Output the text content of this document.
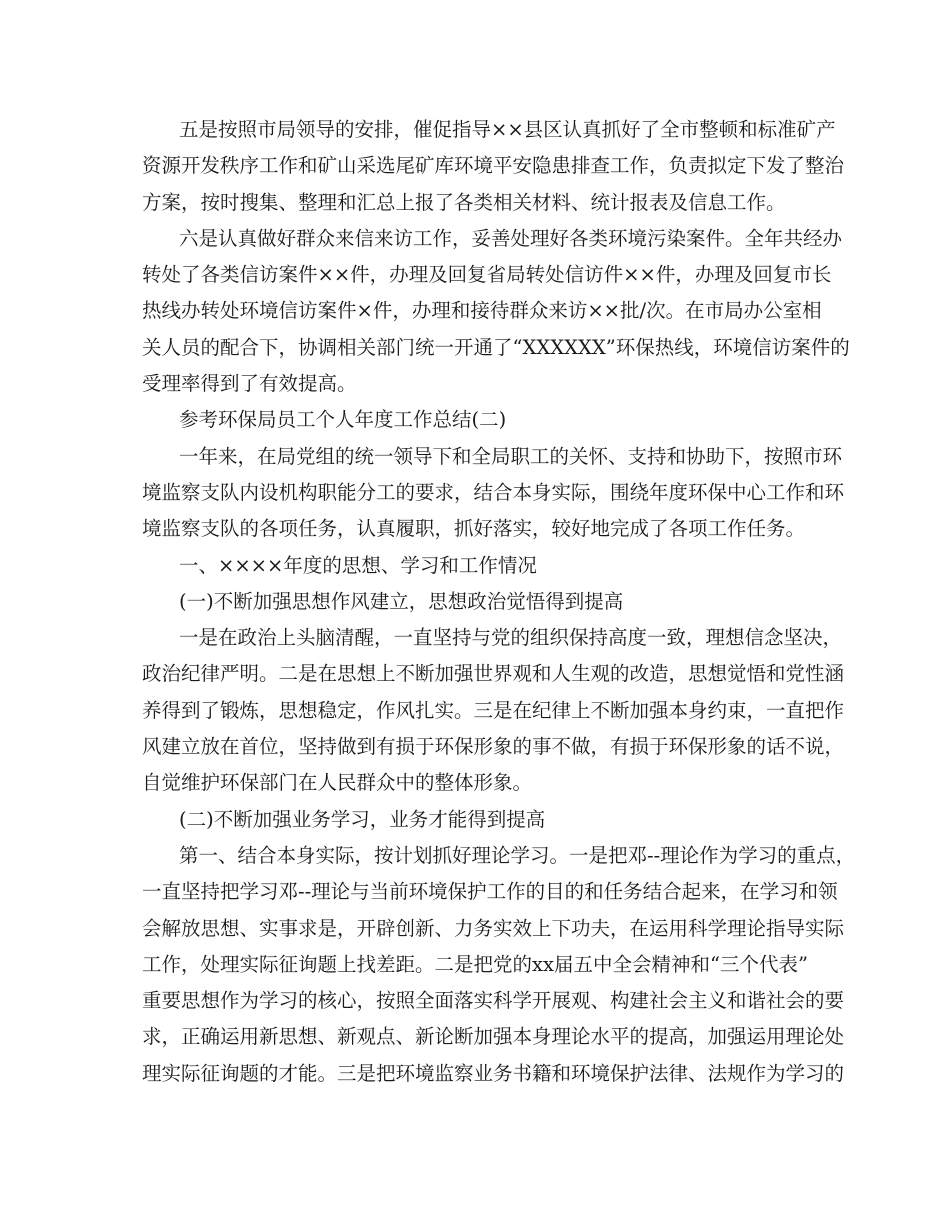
五是按照市局领导的安排，催促指导××县区认真抓好了全市整顿和标准矿产
资源开发秩序工作和矿山采选尾矿库环境平安隐患排查工作，负责拟定下发了整治
方案，按时搜集、整理和汇总上报了各类相关材料、统计报表及信息工作。
六是认真做好群众来信来访工作，妥善处理好各类环境污染案件。全年共经办
转处了各类信访案件××件，办理及回复省局转处信访件××件，办理及回复市长
热线办转处环境信访案件×件，办理和接待群众来访××批/次。在市局办公室相
关人员的配合下，协调相关部门统一开通了“XXXXXX”环保热线，环境信访案件的
受理率得到了有效提高。
参考环保局员工个人年度工作总结(二)
一年来，在局党组的统一领导下和全局职工的关怀、支持和协助下，按照市环
境监察支队内设机构职能分工的要求，结合本身实际，围绕年度环保中心工作和环
境监察支队的各项任务，认真履职，抓好落实，较好地完成了各项工作任务。
一、××××年度的思想、学习和工作情况
(一)不断加强思想作风建立，思想政治觉悟得到提高
一是在政治上头脑清醒，一直坚持与党的组织保持高度一致，理想信念坚决，
政治纪律严明。二是在思想上不断加强世界观和人生观的改造，思想觉悟和党性涵
养得到了锻炼，思想稳定，作风扎实。三是在纪律上不断加强本身约束，一直把作
风建立放在首位，坚持做到有损于环保形象的事不做，有损于环保形象的话不说，
自觉维护环保部门在人民群众中的整体形象。
(二)不断加强业务学习，业务才能得到提高
第一、结合本身实际，按计划抓好理论学习。一是把邓--理论作为学习的重点，
一直坚持把学习邓--理论与当前环境保护工作的目的和任务结合起来，在学习和领
会解放思想、实事求是，开辟创新、力务实效上下功夫，在运用科学理论指导实际
工作，处理实际征询题上找差距。二是把党的xx届五中全会精神和“三个代表”
重要思想作为学习的核心，按照全面落实科学开展观、构建社会主义和谐社会的要
求，正确运用新思想、新观点、新论断加强本身理论水平的提高，加强运用理论处
理实际征询题的才能。三是把环境监察业务书籍和环境保护法律、法规作为学习的
